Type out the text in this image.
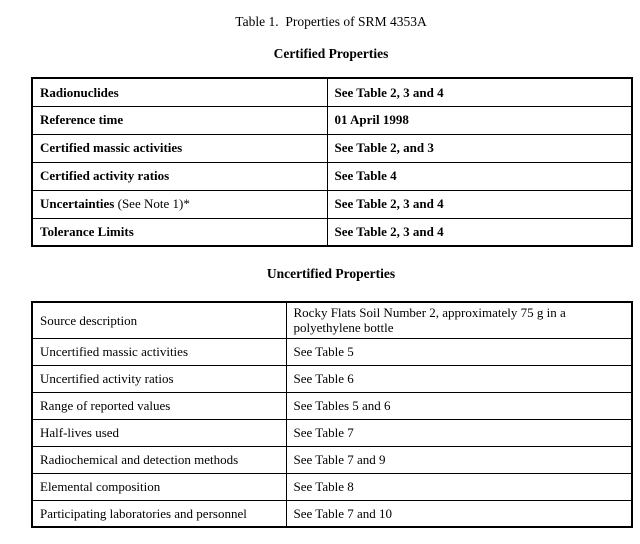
Table 1.  Properties of SRM 4353A
Certified Properties
Radionuclides	See Table 2, 3 and 4
Reference time	01 April 1998
Certified massic activities	See Table 2, and 3
Certified activity ratios	See Table 4
Uncertainties (See Note 1)*	See Table 2, 3 and 4
Tolerance Limits	See Table 2, 3 and 4
Uncertified Properties
Source description	Rocky Flats Soil Number 2, approximately 75 g in a polyethylene bottle
Uncertified massic activities	See Table 5
Uncertified activity ratios	See Table 6
Range of reported values	See Tables 5 and 6
Half-lives used	See Table 7
Radiochemical and detection methods	See Table 7 and 9
Elemental composition	See Table 8
Participating laboratories and personnel	See Table 7 and 10
